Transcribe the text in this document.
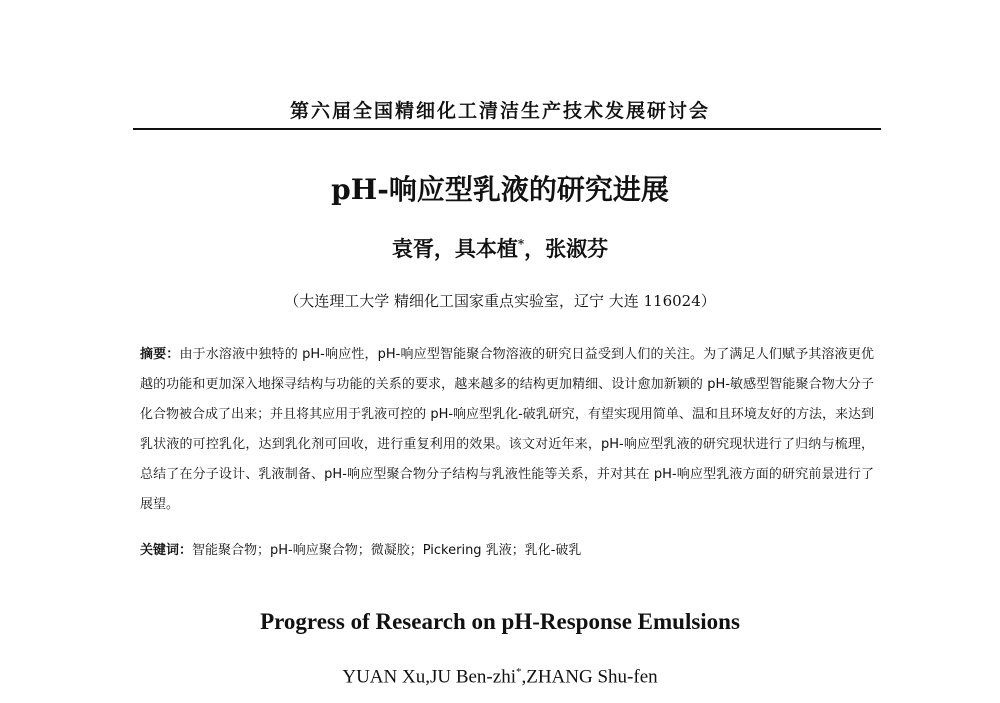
第六届全国精细化工清洁生产技术发展研讨会
pH-响应型乳液的研究进展
袁胥，具本植*，张淑芬
（大连理工大学 精细化工国家重点实验室，辽宁 大连 116024）
摘要：由于水溶液中独特的 pH-响应性，pH-响应型智能聚合物溶液的研究日益受到人们的关注。为了满足人们赋予其溶液更优越的功能和更加深入地探寻结构与功能的关系的要求，越来越多的结构更加精细、设计愈加新颖的 pH-敏感型智能聚合物大分子化合物被合成了出来；并且将其应用于乳液可控的 pH-响应型乳化-破乳研究，有望实现用简单、温和且环境友好的方法，来达到乳状液的可控乳化，达到乳化剂可回收，进行重复利用的效果。该文对近年来，pH-响应型乳液的研究现状进行了归纳与梳理，总结了在分子设计、乳液制备、pH-响应型聚合物分子结构与乳液性能等关系，并对其在 pH-响应型乳液方面的研究前景进行了展望。
关键词：智能聚合物；pH-响应聚合物；微凝胶；Pickering 乳液；乳化-破乳
Progress of Research on pH-Response Emulsions
YUAN Xu,JU Ben-zhi*,ZHANG Shu-fen
